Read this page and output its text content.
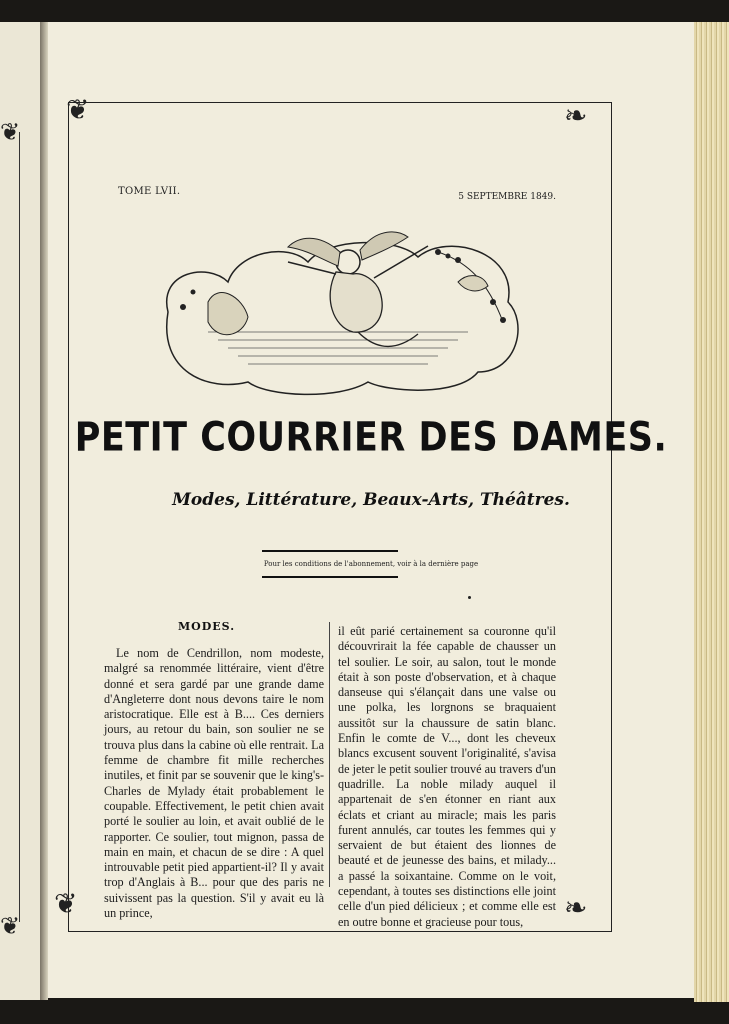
❦
❦
❦	❧
❦	❧
TOME LVII.	5 SEPTEMBRE 1849.
PETIT COURRIER DES DAMES.
Modes, Littérature, Beaux-Arts, Théâtres.
Pour les conditions de l'abonnement, voir à la dernière page
MODES.

Le nom de Cendrillon, nom modeste, malgré sa renommée littéraire, vient d'être donné et sera gardé par une grande dame d'Angleterre dont nous devons taire le nom aristocratique. Elle est à B.... Ces derniers jours, au retour du bain, son soulier ne se trouva plus dans la cabine où elle rentrait. La femme de chambre fit mille recherches inutiles, et finit par se souvenir que le king's-Charles de Mylady était probablement le coupable. Effectivement, le petit chien avait porté le soulier au loin, et avait oublié de le rapporter. Ce soulier, tout mignon, passa de main en main, et chacun de se dire : A quel introuvable petit pied appartient-il? Il y avait trop d'Anglais à B... pour que des paris ne suivissent pas la question. S'il y avait eu là un prince,

il eût parié certainement sa couronne qu'il découvrirait la fée capable de chausser un tel soulier. Le soir, au salon, tout le monde était à son poste d'observation, et à chaque danseuse qui s'élançait dans une valse ou une polka, les lorgnons se braquaient aussitôt sur la chaussure de satin blanc. Enfin le comte de V..., dont les cheveux blancs excusent souvent l'originalité, s'avisa de jeter le petit soulier trouvé au travers d'un quadrille. La noble milady auquel il appartenait de s'en étonner en riant aux éclats et criant au miracle; mais les paris furent annulés, car toutes les femmes qui y servaient de but étaient des lionnes de beauté et de jeunesse des bains, et milady... a passé la soixantaine. Comme on le voit, cependant, à toutes ses distinctions elle joint celle d'un pied délicieux ; et comme elle est en outre bonne et gracieuse pour tous,
